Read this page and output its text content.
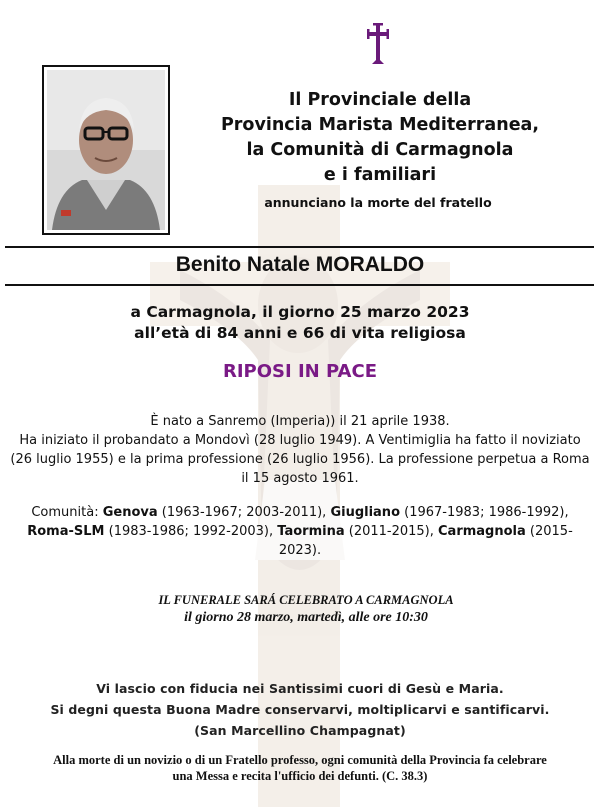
Il Provinciale della
Provincia Marista Mediterranea,
la Comunità di Carmagnola
e i familiari
annunciano la morte del fratello
Benito Natale MORALDO
a Carmagnola, il giorno 25 marzo 2023
all’età di 84 anni e 66 di vita religiosa
RIPOSI IN PACE

È nato a Sanremo (Imperia)) il 21 aprile 1938.

Ha iniziato il probandato a Mondovì (28 luglio 1949). A Ventimiglia ha fatto il noviziato (26 luglio 1955) e la prima professione (26 luglio 1956). La professione perpetua a Roma il 15 agosto 1961.

Comunità: Genova (1963-1967; 2003-2011), Giugliano (1967-1983; 1986-1992), Roma-SLM (1983-1986; 1992-2003), Taormina (2011-2015), Carmagnola (2015-2023).
IL FUNERALE SARÁ CELEBRATO A CARMAGNOLA
il giorno 28 marzo, martedì, alle ore 10:30
Vi lascio con fiducia nei Santissimi cuori di Gesù e Maria.
Si degni questa Buona Madre conservarvi, moltiplicarvi e santificarvi.
(San Marcellino Champagnat)
Alla morte di un novizio o di un Fratello professo, ogni comunità della Provincia fa celebrare
una Messa e recita l'ufficio dei defunti. (C. 38.3)
